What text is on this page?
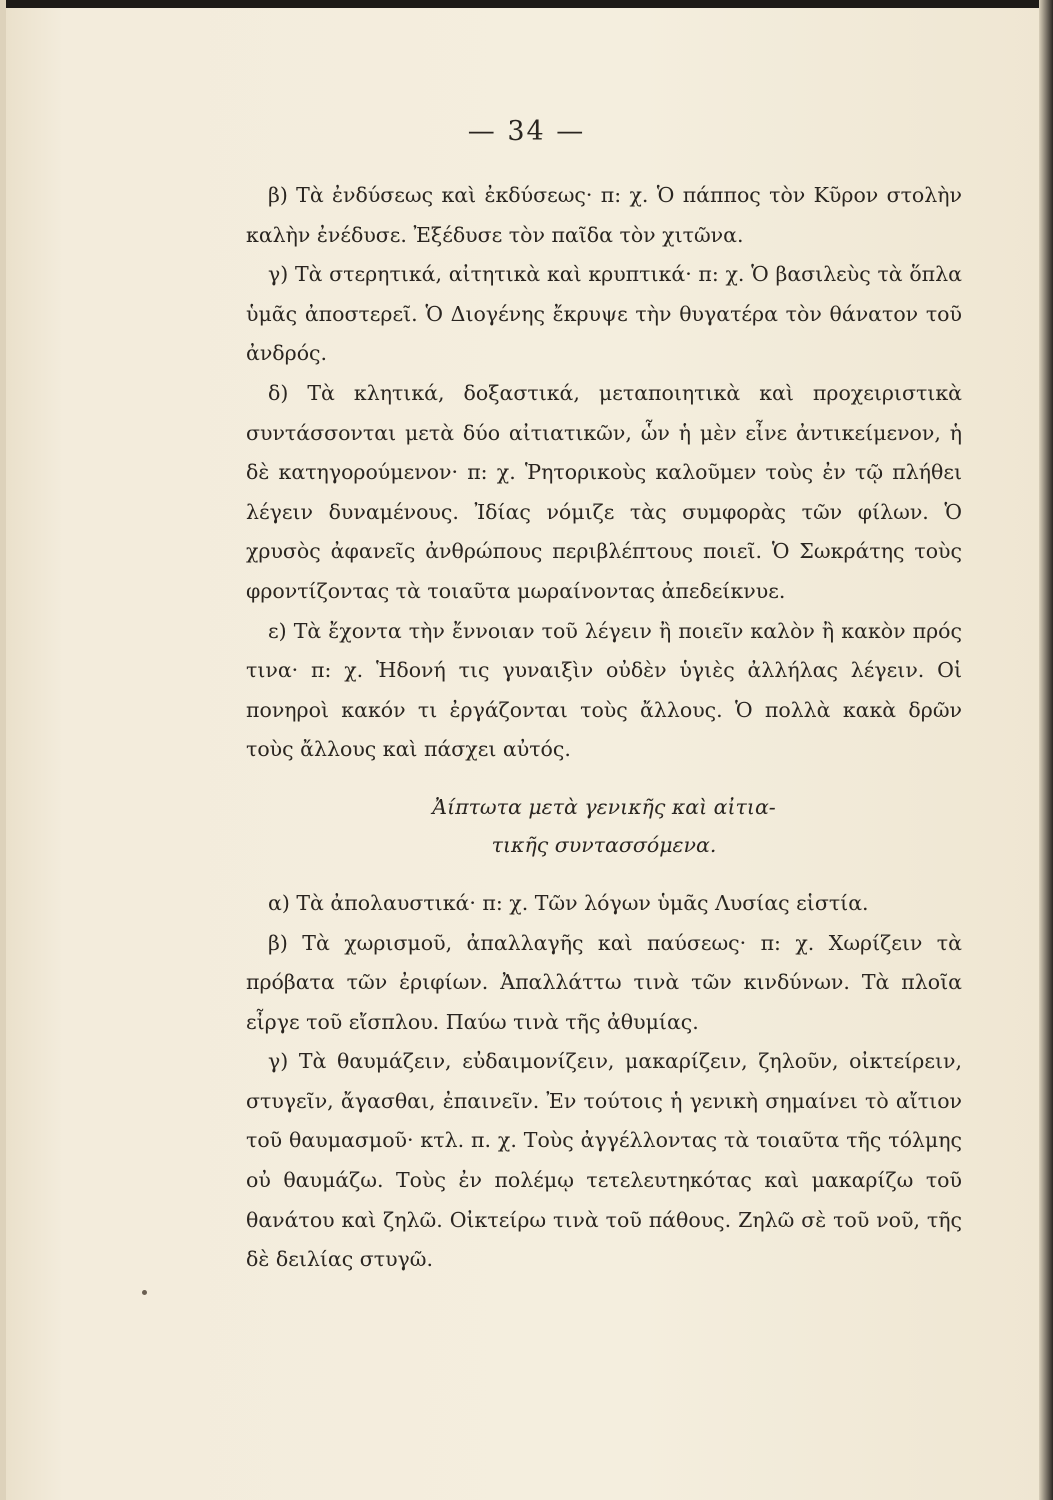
— 34 —

β) Τὰ ἐνδύσεως καὶ ἐκδύσεως· π: χ. Ὁ πάππος τὸν Κῦρον στολὴν καλὴν ἐνέδυσε. Ἐξέδυσε τὸν παῖδα τὸν χιτῶνα.

γ) Τὰ στερητικά, αἰτητικὰ καὶ κρυπτικά· π: χ. Ὁ βασιλεὺς τὰ ὅπλα ὑμᾶς ἀποστερεῖ. Ὁ Διογένης ἔκρυψε τὴν θυγατέρα τὸν θάνατον τοῦ ἀνδρός.

δ) Τὰ κλητικά, δοξαστικά, μεταποιητικὰ καὶ προχειριστικὰ συντάσσονται μετὰ δύο αἰτιατικῶν, ὧν ἡ μὲν εἶνε ἀντικείμενον, ἡ δὲ κατηγορούμενον· π: χ. Ῥητορικοὺς καλοῦμεν τοὺς ἐν τῷ πλήθει λέγειν δυναμένους. Ἰδίας νόμιζε τὰς συμφορὰς τῶν φίλων. Ὁ χρυσὸς ἀφανεῖς ἀνθρώπους περιβλέπτους ποιεῖ. Ὁ Σωκράτης τοὺς φροντίζοντας τὰ τοιαῦτα μωραίνοντας ἀπεδείκνυε.

ε) Τὰ ἔχοντα τὴν ἔννοιαν τοῦ λέγειν ἢ ποιεῖν καλὸν ἢ κακὸν πρός τινα· π: χ. Ἡδονή τις γυναιξὶν οὐδὲν ὑγιὲς ἀλλήλας λέγειν. Οἱ πονηροὶ κακόν τι ἐργάζονται τοὺς ἄλλους. Ὁ πολλὰ κακὰ δρῶν τοὺς ἄλλους καὶ πάσχει αὐτός.

Ἀίπτωτα μετὰ γενικῆς καὶ αἰτια-
τικῆς συντασσόμενα.

α) Τὰ ἀπολαυστικά· π: χ. Τῶν λόγων ὑμᾶς Λυσίας εἱστία.

β) Τὰ χωρισμοῦ, ἀπαλλαγῆς καὶ παύσεως· π: χ. Χωρίζειν τὰ πρόβατα τῶν ἐριφίων. Ἀπαλλάττω τινὰ τῶν κινδύνων. Τὰ πλοῖα εἶργε τοῦ εἴσπλου. Παύω τινὰ τῆς ἀθυμίας.

γ) Τὰ θαυμάζειν, εὐδαιμονίζειν, μακαρίζειν, ζηλοῦν, οἰκτείρειν, στυγεῖν, ἄγασθαι, ἐπαινεῖν. Ἐν τούτοις ἡ γενικὴ σημαίνει τὸ αἴτιον τοῦ θαυμασμοῦ· κτλ. π. χ. Τοὺς ἀγγέλλοντας τὰ τοιαῦτα τῆς τόλμης οὐ θαυμάζω. Τοὺς ἐν πολέμῳ τετελευτηκότας καὶ μακαρίζω τοῦ θανάτου καὶ ζηλῶ. Οἰκτείρω τινὰ τοῦ πάθους. Ζηλῶ σὲ τοῦ νοῦ, τῆς δὲ δειλίας στυγῶ.
